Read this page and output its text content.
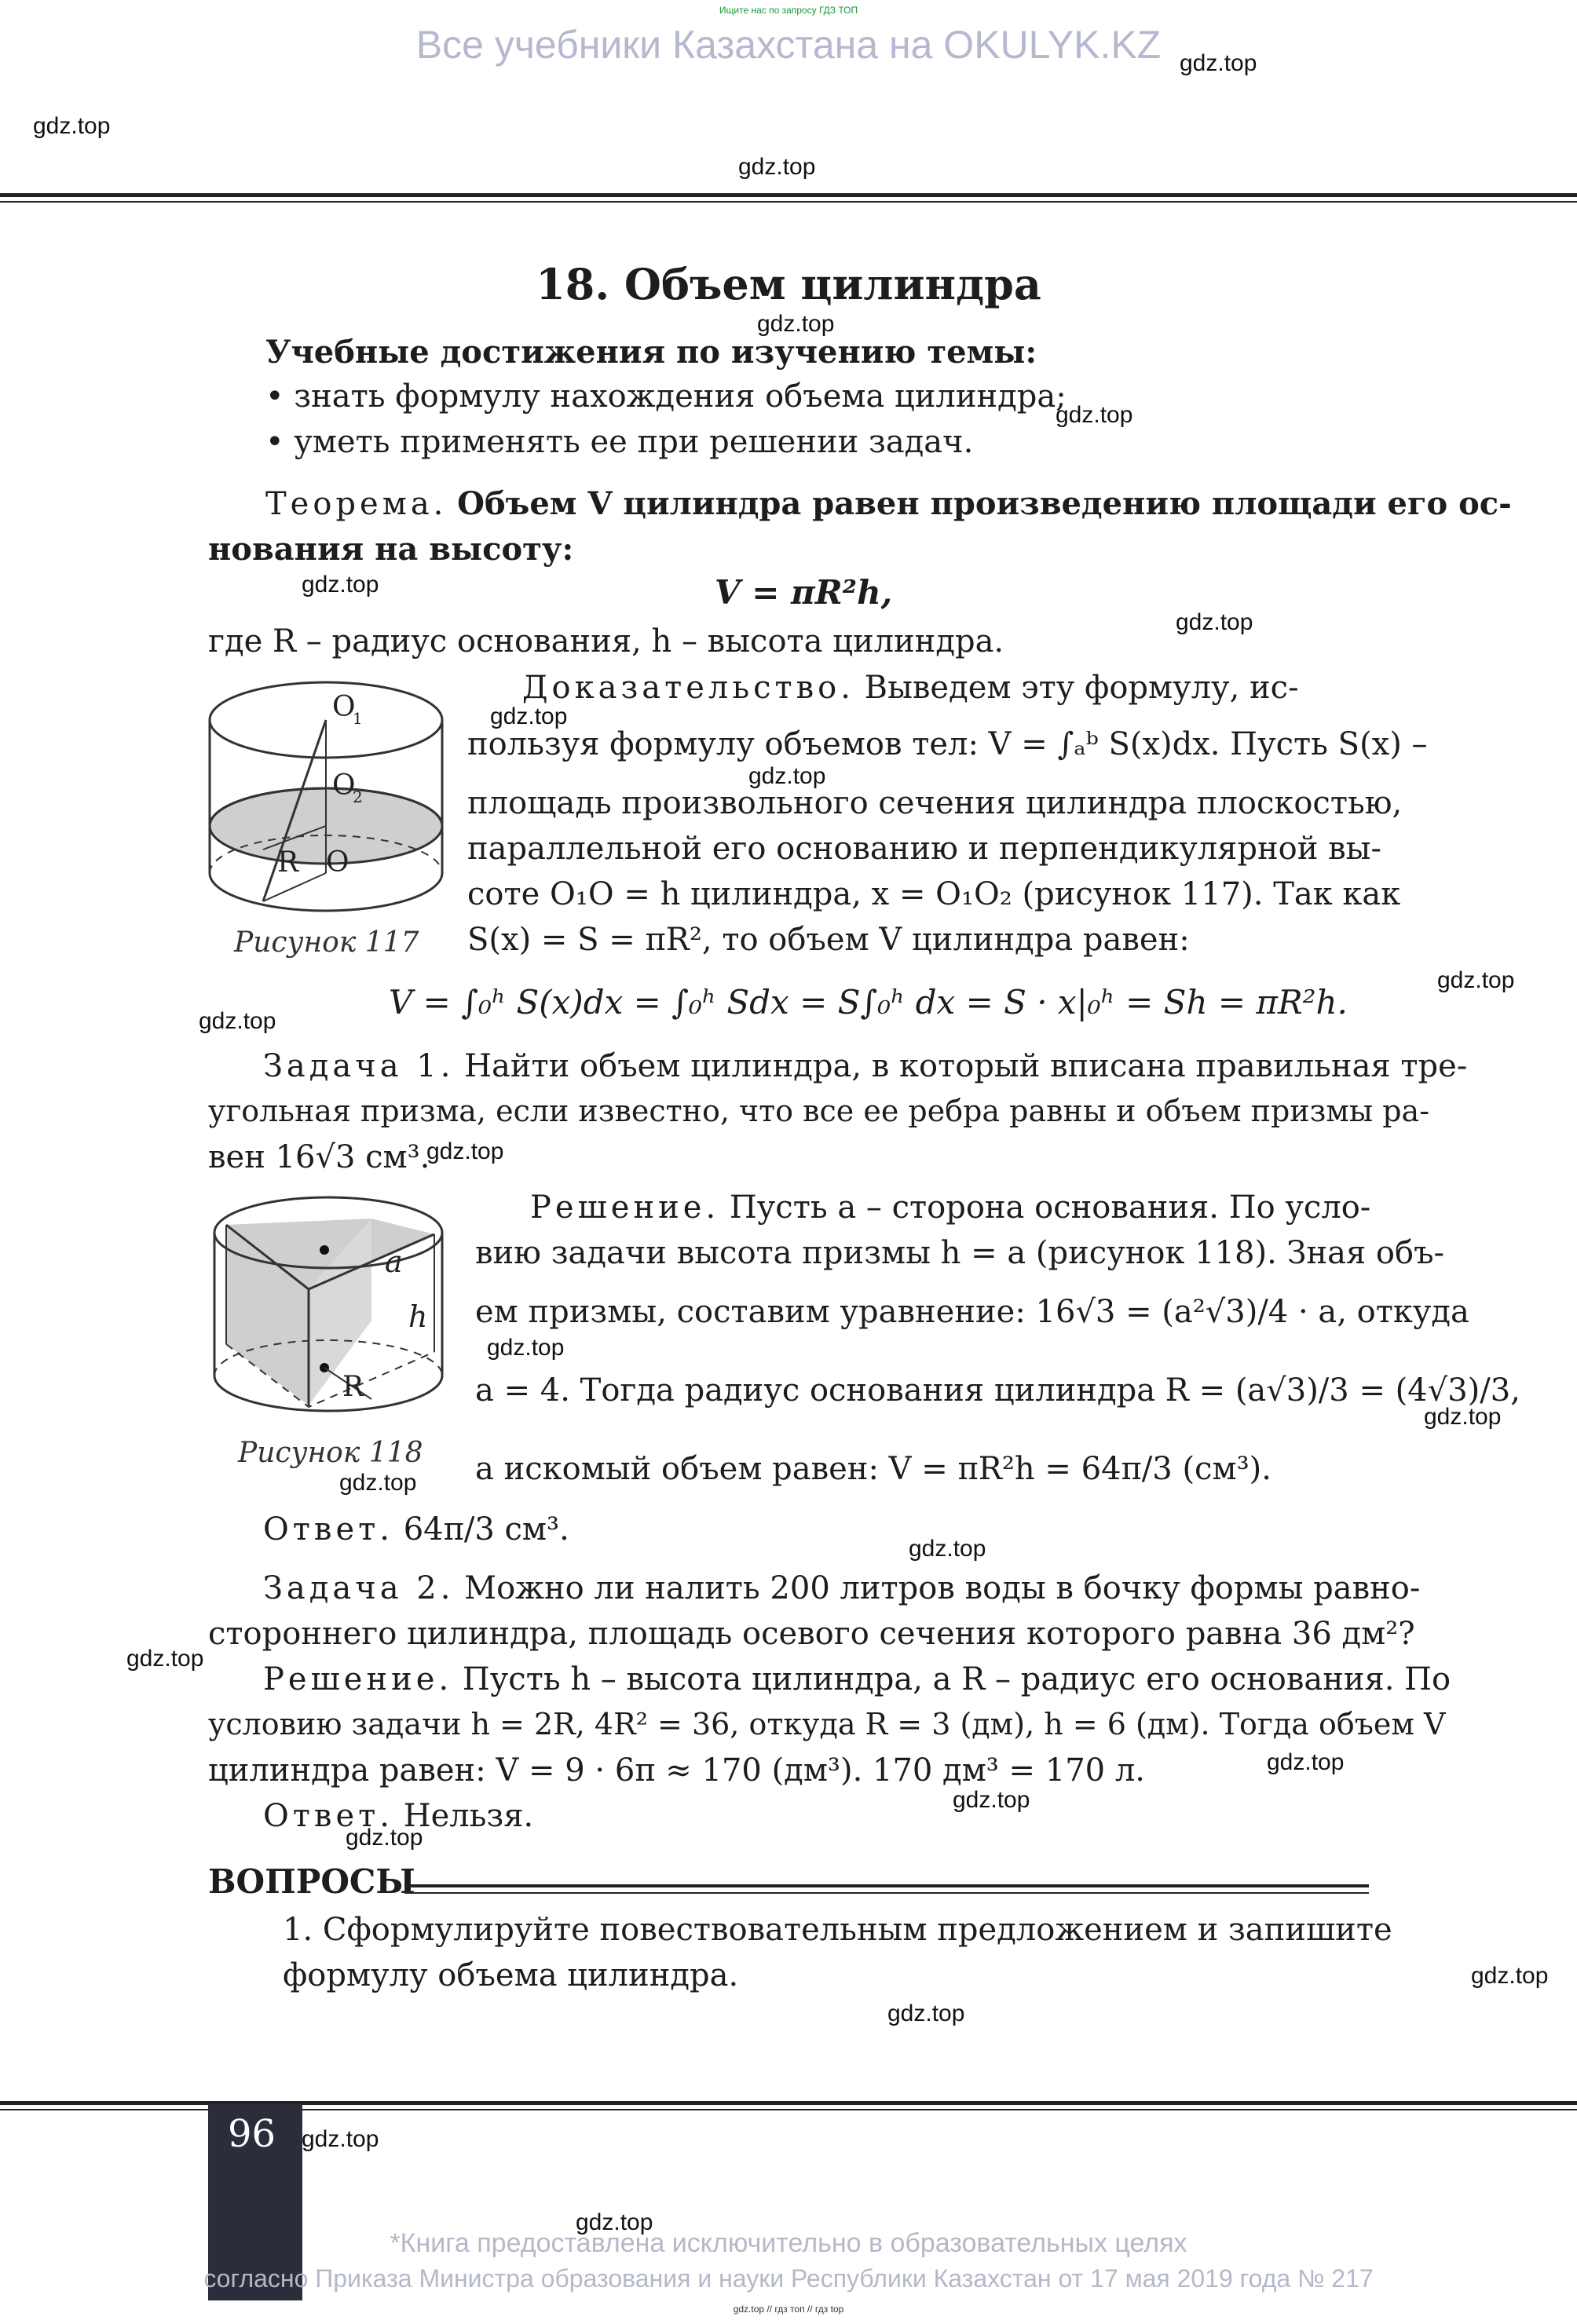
Ищите нас по запросу ГДЗ ТОП
Все учебники Казахстана на OKULYK.KZ
18. Объем цилиндра
Учебные достижения по изучению темы:
• знать формулу нахождения объема цилиндра;
• уметь применять ее при решении задач.
Теорема. Объем V цилиндра равен произведению площади его ос-
нования на высоту:
V = πR²h,
где R – радиус основания, h – высота цилиндра.
O
1
O
2
R O
Рисунок 117
Доказательство. Выведем эту формулу, ис-
пользуя формулу объемов тел: V = ∫ₐᵇ S(x)dx. Пусть S(x) –
площадь произвольного сечения цилиндра плоскостью,
параллельной его основанию и перпендикулярной вы-
соте O₁O = h цилиндра, x = O₁O₂ (рисунок 117). Так как
S(x) = S = πR², то объем V цилиндра равен:
V = ∫₀ʰ S(x)dx = ∫₀ʰ Sdx = S∫₀ʰ dx = S · x|₀ʰ = Sh = πR²h.
Задача 1. Найти объем цилиндра, в который вписана правильная тре-
угольная призма, если известно, что все ее ребра равны и объем призмы ра-
вен 16√3 см³.
a
h
R
Рисунок 118
Решение. Пусть a – сторона основания. По усло-
вию задачи высота призмы h = a (рисунок 118). Зная объ-
ем призмы, составим уравнение: 16√3 = (a²√3)/4 · a, откуда
a = 4. Тогда радиус основания цилиндра R = (a√3)/3 = (4√3)/3,
а искомый объем равен: V = πR²h = 64π/3 (см³).
Ответ. 64π/3 см³.
Задача 2. Можно ли налить 200 литров воды в бочку формы равно-
стороннего цилиндра, площадь осевого сечения которого равна 36 дм²?
Решение. Пусть h – высота цилиндра, а R – радиус его основания. По
условию задачи h = 2R, 4R² = 36, откуда R = 3 (дм), h = 6 (дм). Тогда объем V
цилиндра равен: V = 9 · 6π ≈ 170 (дм³). 170 дм³ = 170 л.
Ответ. Нельзя.
ВОПРОСЫ
1. Сформулируйте повествовательным предложением и запишите
формулу объема цилиндра.
96
*Книга предоставлена исключительно в образовательных целях
согласно Приказа Министра образования и науки Республики Казахстан от 17 мая 2019 года № 217
gdz.top // гдз топ // гдз top
gdz.top
gdz.top
gdz.top
gdz.top
gdz.top
gdz.top
gdz.top
gdz.top
gdz.top
gdz.top
gdz.top
gdz.top
gdz.top
gdz.top
gdz.top
gdz.top
gdz.top
gdz.top
gdz.top
gdz.top
gdz.top
gdz.top
gdz.top
gdz.top
